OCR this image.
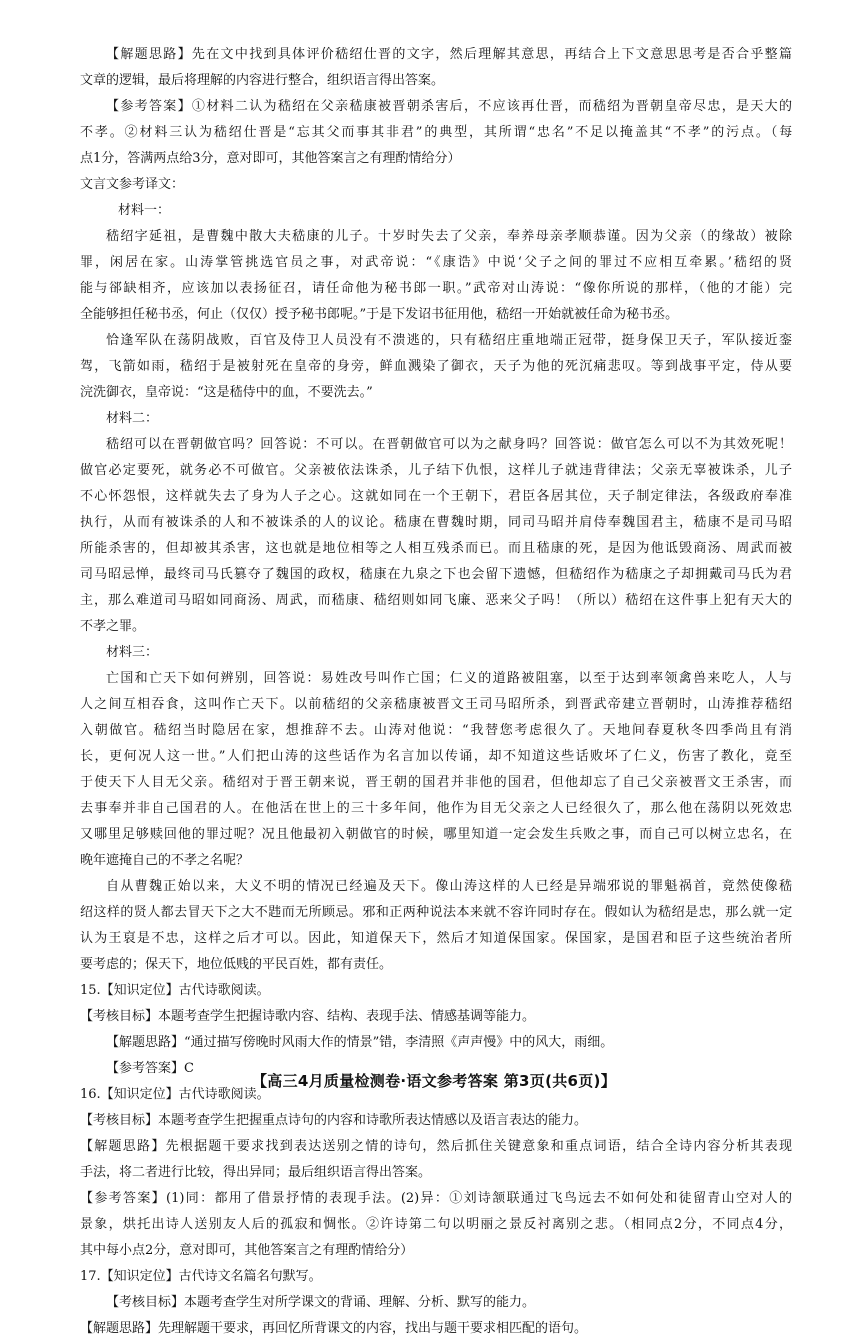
【解题思路】先在文中找到具体评价嵇绍仕晋的文字，然后理解其意思，再结合上下文意思思考是否合乎整篇

文章的逻辑，最后将理解的内容进行整合，组织语言得出答案。

【参考答案】①材料二认为嵇绍在父亲嵇康被晋朝杀害后，不应该再仕晋，而嵇绍为晋朝皇帝尽忠，是天大的

不孝。②材料三认为嵇绍仕晋是“忘其父而事其非君”的典型，其所谓“忠名”不足以掩盖其“不孝”的污点。（每

点1分，答满两点给3分，意对即可，其他答案言之有理酌情给分）

文言文参考译文：

材料一：

嵇绍字延祖，是曹魏中散大夫嵇康的儿子。十岁时失去了父亲，奉养母亲孝顺恭谨。因为父亲（的缘故）被除

罪，闲居在家。山涛掌管挑选官员之事，对武帝说：“《康诰》中说‘父子之间的罪过不应相互牵累。’嵇绍的贤

能与郤缺相齐，应该加以表扬征召，请任命他为秘书郎一职。”武帝对山涛说：“像你所说的那样，（他的才能）完

全能够担任秘书丞，何止（仅仅）授予秘书郎呢。”于是下发诏书征用他，嵇绍一开始就被任命为秘书丞。

恰逢军队在荡阴战败，百官及侍卫人员没有不溃逃的，只有嵇绍庄重地端正冠带，挺身保卫天子，军队接近銮

驾，飞箭如雨，嵇绍于是被射死在皇帝的身旁，鲜血溅染了御衣，天子为他的死沉痛悲叹。等到战事平定，侍从要

浣洗御衣，皇帝说：“这是嵇侍中的血，不要洗去。”

材料二：

嵇绍可以在晋朝做官吗？回答说：不可以。在晋朝做官可以为之献身吗？回答说：做官怎么可以不为其效死呢！

做官必定要死，就务必不可做官。父亲被依法诛杀，儿子结下仇恨，这样儿子就违背律法；父亲无辜被诛杀，儿子

不心怀怨恨，这样就失去了身为人子之心。这就如同在一个王朝下，君臣各居其位，天子制定律法，各级政府奉准

执行，从而有被诛杀的人和不被诛杀的人的议论。嵇康在曹魏时期，同司马昭并肩侍奉魏国君主，嵇康不是司马昭

所能杀害的，但却被其杀害，这也就是地位相等之人相互残杀而已。而且嵇康的死，是因为他诋毁商汤、周武而被

司马昭忌惮，最终司马氏篡夺了魏国的政权，嵇康在九泉之下也会留下遗憾，但嵇绍作为嵇康之子却拥戴司马氏为君

主，那么难道司马昭如同商汤、周武，而嵇康、嵇绍则如同飞廉、恶来父子吗！（所以）嵇绍在这件事上犯有天大的

不孝之罪。

材料三：

亡国和亡天下如何辨别，回答说：易姓改号叫作亡国；仁义的道路被阻塞，以至于达到率领禽兽来吃人，人与

人之间互相吞食，这叫作亡天下。以前嵇绍的父亲嵇康被晋文王司马昭所杀，到晋武帝建立晋朝时，山涛推荐嵇绍

入朝做官。嵇绍当时隐居在家，想推辞不去。山涛对他说：“我替您考虑很久了。天地间春夏秋冬四季尚且有消

长，更何况人这一世。”人们把山涛的这些话作为名言加以传诵，却不知道这些话败坏了仁义，伤害了教化，竟至

于使天下人目无父亲。嵇绍对于晋王朝来说，晋王朝的国君并非他的国君，但他却忘了自己父亲被晋文王杀害，而

去事奉并非自己国君的人。在他活在世上的三十多年间，他作为目无父亲之人已经很久了，那么他在荡阴以死效忠

又哪里足够赎回他的罪过呢？况且他最初入朝做官的时候，哪里知道一定会发生兵败之事，而自己可以树立忠名，在

晚年遮掩自己的不孝之名呢？

自从曹魏正始以来，大义不明的情况已经遍及天下。像山涛这样的人已经是异端邪说的罪魁祸首，竟然使像嵇

绍这样的贤人都去冒天下之大不韪而无所顾忌。邪和正两种说法本来就不容许同时存在。假如认为嵇绍是忠，那么就一定

认为王裒是不忠，这样之后才可以。因此，知道保天下，然后才知道保国家。保国家，是国君和臣子这些统治者所

要考虑的；保天下，地位低贱的平民百姓，都有责任。

15.【知识定位】古代诗歌阅读。

【考核目标】本题考查学生把握诗歌内容、结构、表现手法、情感基调等能力。

【解题思路】“通过描写傍晚时风雨大作的情景”错，李清照《声声慢》中的风大，雨细。

【参考答案】C

16.【知识定位】古代诗歌阅读。

【考核目标】本题考查学生把握重点诗句的内容和诗歌所表达情感以及语言表达的能力。

【解题思路】先根据题干要求找到表达送别之情的诗句，然后抓住关键意象和重点词语，结合全诗内容分析其表现

手法，将二者进行比较，得出异同；最后组织语言得出答案。

【参考答案】(1)同：都用了借景抒情的表现手法。(2)异：①刘诗颔联通过飞鸟远去不如何处和徒留青山空对人的

景象，烘托出诗人送别友人后的孤寂和惆怅。②许诗第二句以明丽之景反衬离别之悲。（相同点2分，不同点4分，

其中每小点2分，意对即可，其他答案言之有理酌情给分）

17.【知识定位】古代诗文名篇名句默写。

【考核目标】本题考查学生对所学课文的背诵、理解、分析、默写的能力。

【解题思路】先理解题干要求，再回忆所背课文的内容，找出与题干要求相匹配的语句。

【高三4月质量检测卷·语文参考答案 第3页(共6页)】
